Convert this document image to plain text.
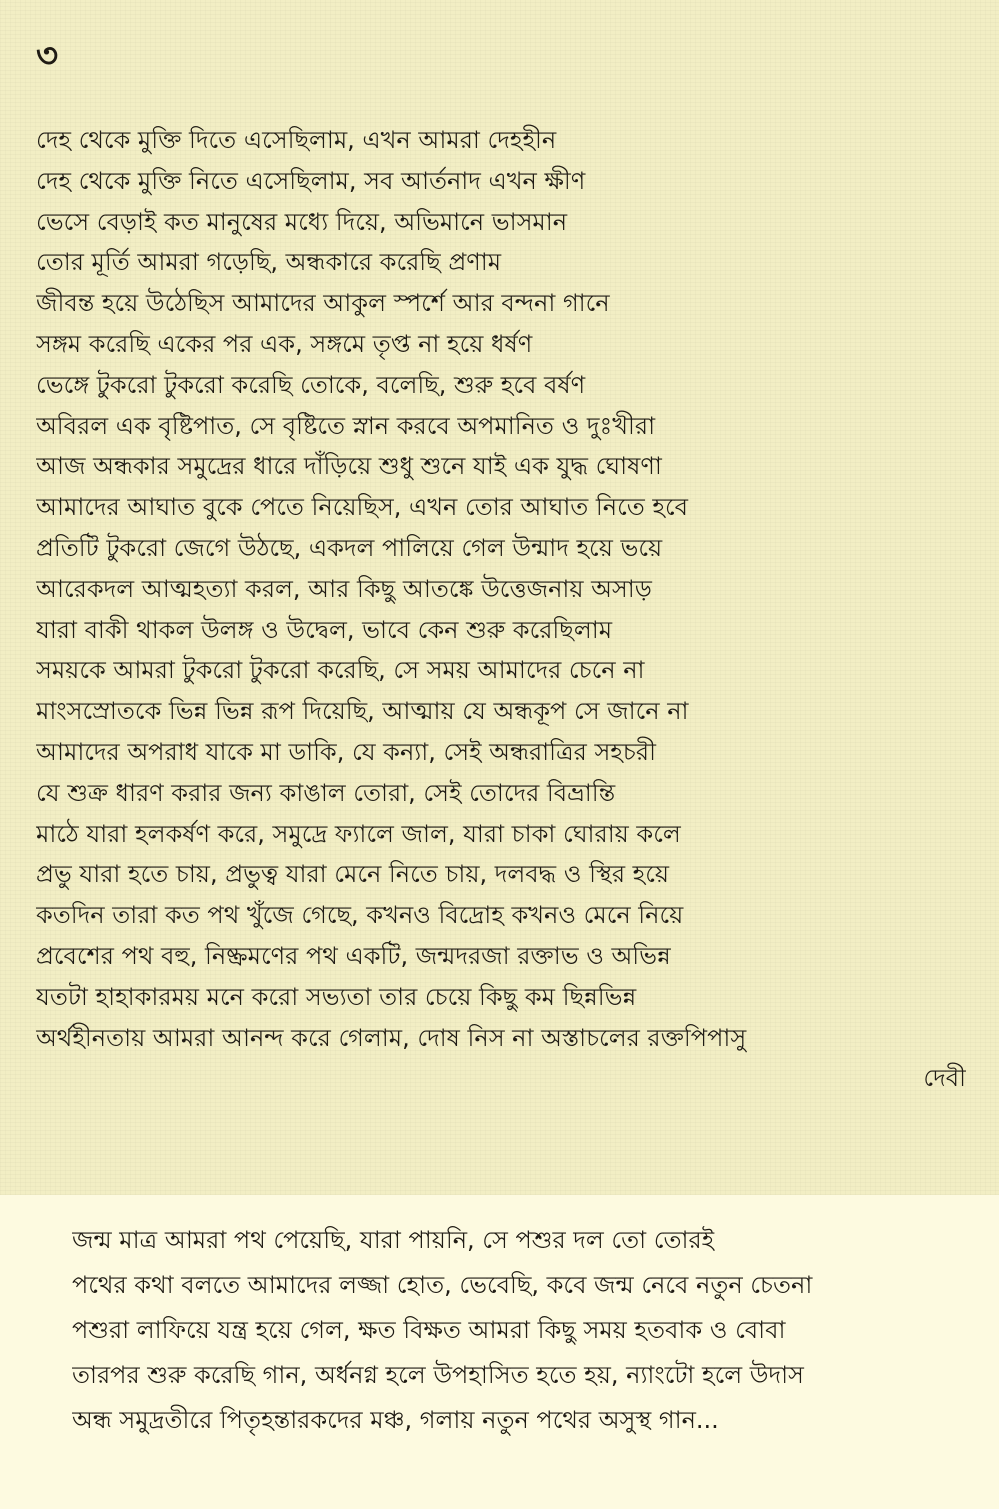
৩
দেহ থেকে মুক্তি দিতে এসেছিলাম, এখন আমরা দেহহীন
দেহ থেকে মুক্তি নিতে এসেছিলাম, সব আর্তনাদ এখন ক্ষীণ
ভেসে বেড়াই কত মানুষের মধ্যে দিয়ে, অভিমানে ভাসমান
তোর মূর্তি আমরা গড়েছি, অন্ধকারে করেছি প্রণাম
জীবন্ত হয়ে উঠেছিস আমাদের আকুল স্পর্শে আর বন্দনা গানে
সঙ্গম করেছি একের পর এক, সঙ্গমে তৃপ্ত না হয়ে ধর্ষণ
ভেঙ্গে টুকরো টুকরো করেছি তোকে, বলেছি, শুরু হবে বর্ষণ
অবিরল এক বৃষ্টিপাত, সে বৃষ্টিতে স্নান করবে অপমানিত ও দুঃখীরা
আজ অন্ধকার সমুদ্রের ধারে দাঁড়িয়ে শুধু শুনে যাই এক যুদ্ধ ঘোষণা
আমাদের আঘাত বুকে পেতে নিয়েছিস, এখন তোর আঘাত নিতে হবে
প্রতিটি টুকরো জেগে উঠছে, একদল পালিয়ে গেল উন্মাদ হয়ে ভয়ে
আরেকদল আত্মহত্যা করল, আর কিছু আতঙ্কে উত্তেজনায় অসাড়
যারা বাকী থাকল উলঙ্গ ও উদ্বেল, ভাবে কেন শুরু করেছিলাম
সময়কে আমরা টুকরো টুকরো করেছি, সে সময় আমাদের চেনে না
মাংসস্রোতকে ভিন্ন ভিন্ন রূপ দিয়েছি, আত্মায় যে অন্ধকূপ সে জানে না
আমাদের অপরাধ যাকে মা ডাকি, যে কন্যা, সেই অন্ধরাত্রির সহচরী
যে শুক্র ধারণ করার জন্য কাঙাল তোরা, সেই তোদের বিভ্রান্তি
মাঠে যারা হলকর্ষণ করে, সমুদ্রে ফ্যালে জাল, যারা চাকা ঘোরায় কলে
প্রভু যারা হতে চায়, প্রভুত্ব যারা মেনে নিতে চায়, দলবদ্ধ ও স্থির হয়ে
কতদিন তারা কত পথ খুঁজে গেছে, কখনও বিদ্রোহ কখনও মেনে নিয়ে
প্রবেশের পথ বহু, নিষ্ক্রমণের পথ একটি, জন্মদরজা রক্তাভ ও অভিন্ন
যতটা হাহাকারময় মনে করো সভ্যতা তার চেয়ে কিছু কম ছিন্নভিন্ন
অর্থহীনতায় আমরা আনন্দ করে গেলাম, দোষ নিস না অস্তাচলের রক্তপিপাসু
দেবী
জন্ম মাত্র আমরা পথ পেয়েছি, যারা পায়নি, সে পশুর দল তো তোরই
পথের কথা বলতে আমাদের লজ্জা হোত, ভেবেছি, কবে জন্ম নেবে নতুন চেতনা
পশুরা লাফিয়ে যন্ত্র হয়ে গেল, ক্ষত বিক্ষত আমরা কিছু সময় হতবাক ও বোবা
তারপর শুরু করেছি গান, অর্ধনগ্ন হলে উপহাসিত হতে হয়, ন্যাংটো হলে উদাস
অন্ধ সমুদ্রতীরে পিতৃহন্তারকদের মঞ্চ, গলায় নতুন পথের অসুস্থ গান...
